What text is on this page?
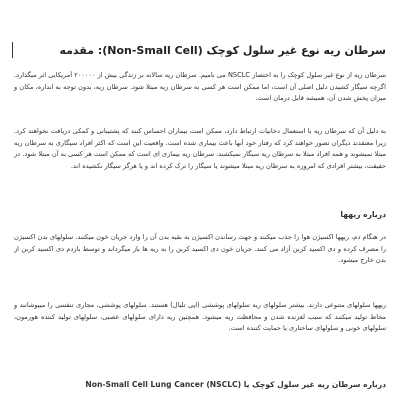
سرطان ریه نوع غیر سلول کوچک (Non-Small Cell): مقدمه
سرطان ریه از نوع غیر سلول کوچک را به اختصار NSCLC می نامیم. سرطان ریه سالانه بر زندگی بیش از ۲۰۰۰۰۰ آمریکایی اثر میگذارد. اگرچه سیگار کشیدن دلیل اصلی آن است، اما ممکن است هر کسی به سرطان ریه مبتلا شود. سرطان ریه، بدون توجه به اندازه، مکان و میزان پخش شدن آن، همیشه قابل درمان است.
به دلیل آن که سرطان ریه با استعمال دخانیات ارتباط دارد، ممکن است بیماران احساس کنند که پشتیبانی و کمکی دریافت نخواهند کرد. زیرا معتقدند دیگران تصور خواهند کرد که رفتار خود آنها باعث بیماری شده است. واقعیت این است که اکثر افراد سیگاری به سرطان ریه مبتلا نمیشوند و همه افراد مبتلا به سرطان ریه سیگار نمیکشند. سرطان ریه بیماری ای است که ممکن است هر کسی به آن مبتلا شود. در حقیقت، بیشتر افرادی که امروزه به سرطان ریه مبتلا میشوند یا سیگار را ترک کرده اند و یا هرگز سیگار نکشیده اند.
درباره ریهها
در هنگام دم، ریهها اکسیژن هوا را جذب میکنند و جهت رساندن اکسیژن به بقیه بدن آن را وارد جریان خون میکنند. سلولهای بدن اکسیژن را مصرف کرده و دی اکسید کربن آزاد می کنند. جریان خون دی اکسید کربن را به ریه ها باز میگرداند و توسط بازدم دی اکسید کربن از بدن خارج میشود.
ریهها سلولهای متنوعی دارند. بیشتر سلولهای ریه سلولهای پوششی (اپی تلیال) هستند. سلولهای پوششی، مجاری تنفسی را میپوشانند و مخاط تولید میکنند که سبب لغزنده شدن و محافظت ریه میشود. همچنین ریه دارای سلولهای عصبی، سلولهای تولید کننده هورمون، سلولهای خونی و سلولهای ساختاری یا حمایت کننده است.
درباره سرطان ریه غیر سلول کوچک یا Non-Small Cell Lung Cancer (NSCLC)
